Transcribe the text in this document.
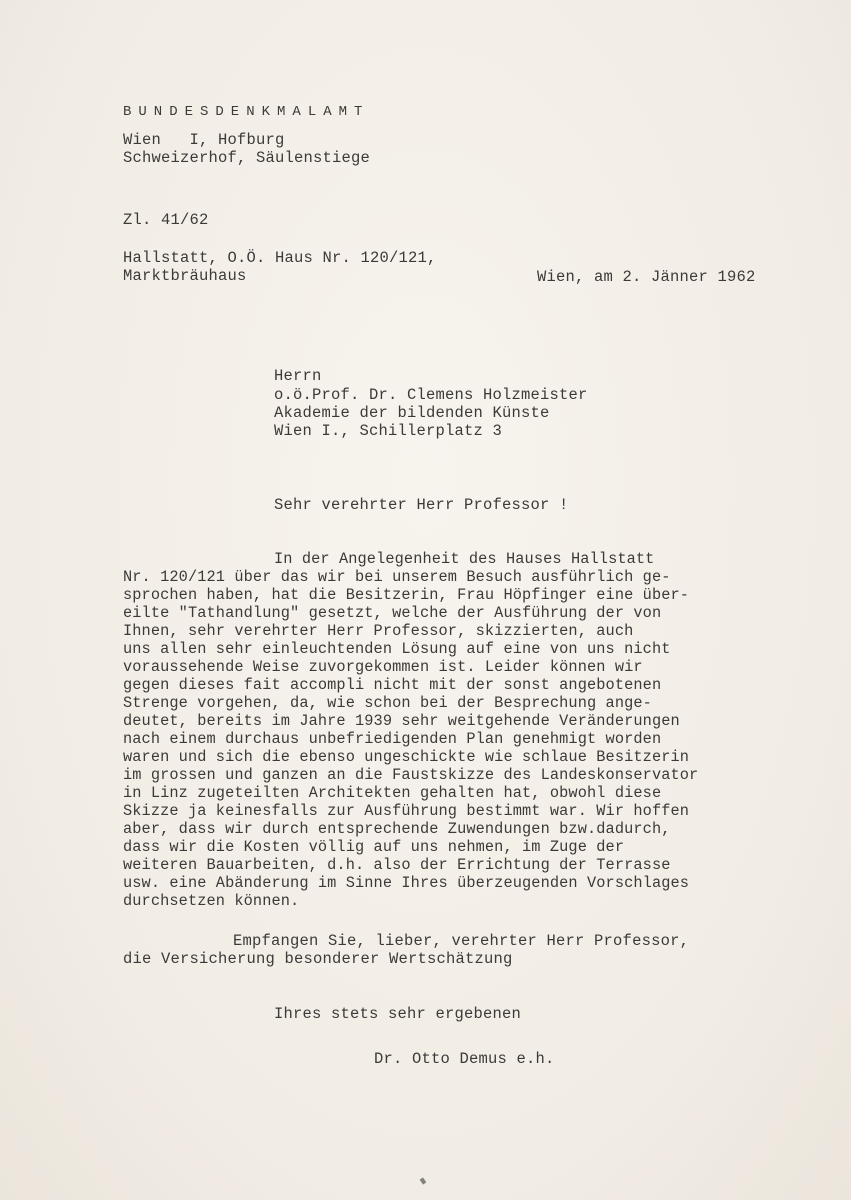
BUNDESDENKMALAMT
Wien   I, Hofburg
Schweizerhof, Säulenstiege
Zl. 41/62
Hallstatt, O.Ö. Haus Nr. 120/121,
Marktbräuhaus	Wien, am 2. Jänner 1962
Herrn
o.ö.Prof. Dr. Clemens Holzmeister
Akademie der bildenden Künste
Wien I., Schillerplatz 3
Sehr verehrter Herr Professor !
In der Angelegenheit des Hauses Hallstatt
Nr. 120/121 über das wir bei unserem Besuch ausführlich ge-
sprochen haben, hat die Besitzerin, Frau Höpfinger eine über-
eilte "Tathandlung" gesetzt, welche der Ausführung der von
Ihnen, sehr verehrter Herr Professor, skizzierten, auch
uns allen sehr einleuchtenden Lösung auf eine von uns nicht
voraussehende Weise zuvorgekommen ist. Leider können wir
gegen dieses fait accompli nicht mit der sonst angebotenen
Strenge vorgehen, da, wie schon bei der Besprechung ange-
deutet, bereits im Jahre 1939 sehr weitgehende Veränderungen
nach einem durchaus unbefriedigenden Plan genehmigt worden
waren und sich die ebenso ungeschickte wie schlaue Besitzerin
im grossen und ganzen an die Faustskizze des Landeskonservator
in Linz zugeteilten Architekten gehalten hat, obwohl diese
Skizze ja keinesfalls zur Ausführung bestimmt war. Wir hoffen
aber, dass wir durch entsprechende Zuwendungen bzw.dadurch,
dass wir die Kosten völlig auf uns nehmen, im Zuge der
weiteren Bauarbeiten, d.h. also der Errichtung der Terrasse
usw. eine Abänderung im Sinne Ihres überzeugenden Vorschlages
durchsetzen können.
Empfangen Sie, lieber, verehrter Herr Professor,
die Versicherung besonderer Wertschätzung
Ihres stets sehr ergebenen
Dr. Otto Demus e.h.
